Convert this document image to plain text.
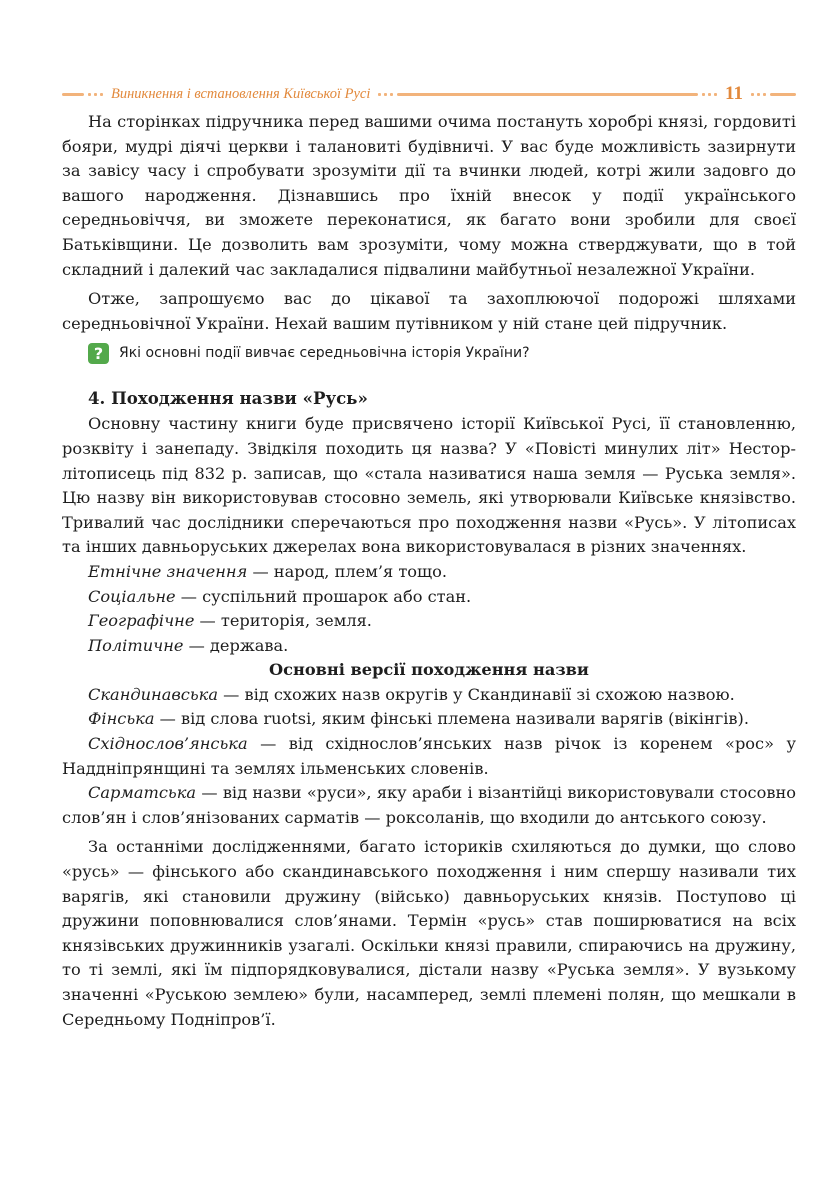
Виникнення і встановлення Київської Русі	11

На сторінках підручника перед вашими очима постануть хоробрі князі, гордовиті бояри, мудрі діячі церкви і талановиті будівничі. У вас буде можливість зазирнути за завісу часу і спробувати зрозуміти дії та вчинки людей, котрі жили задовго до вашого народження. Дізнавшись про їхній внесок у події українського середньовіччя, ви зможете переконатися, як багато вони зробили для своєї Батьківщини. Це дозволить вам зрозуміти, чому можна стверджувати, що в той складний і далекий час закладалися підвалини майбутньої незалежної України.

Отже, запрошуємо вас до цікавої та захоплюючої подорожі шляхами середньовічної України. Нехай вашим путівником у ній стане цей підручник.

?	Які основні події вивчає середньовічна історія України?
4. Походження назви «Русь»

Основну частину книги буде присвячено історії Київської Русі, її становленню, розквіту і занепаду. Звідкіля походить ця назва? У «Повісті минулих літ» Нестор-літописець під 832 р. записав, що «стала називатися наша земля — Руська земля». Цю назву він використовував стосовно земель, які утворювали Київське князівство. Тривалий час дослідники сперечаються про походження назви «Русь». У літописах та інших давньоруських джерелах вона використовувалася в різних значеннях.

Етнічне значення — народ, плем’я тощо.

Соціальне — суспільний прошарок або стан.

Географічне — територія, земля.

Політичне — держава.

Основні версії походження назви

Скандинавська — від схожих назв округів у Скандинавії зі схожою назвою.

Фінська — від слова ruotsi, яким фінські племена називали варягів (вікінгів).

Східнослов’янська — від східнослов’янських назв річок із коренем «рос» у Наддніпрянщині та землях ільменських словенів.

Сарматська — від назви «руси», яку араби і візантійці використовували стосовно слов’ян і слов’янізованих сарматів — роксоланів, що входили до антського союзу.

За останніми дослідженнями, багато істориків схиляються до думки, що слово «русь» — фінського або скандинавського походження і ним спершу називали тих варягів, які становили дружину (військо) давньоруських князів. Поступово ці дружини поповнювалися слов’янами. Термін «русь» став поширюватися на всіх князівських дружинників узагалі. Оскільки князі правили, спираючись на дружину, то ті землі, які їм підпорядковувалися, дістали назву «Руська земля». У вузькому значенні «Руською землею» були, насамперед, землі племені полян, що мешкали в Середньому Подніпров’ї.
